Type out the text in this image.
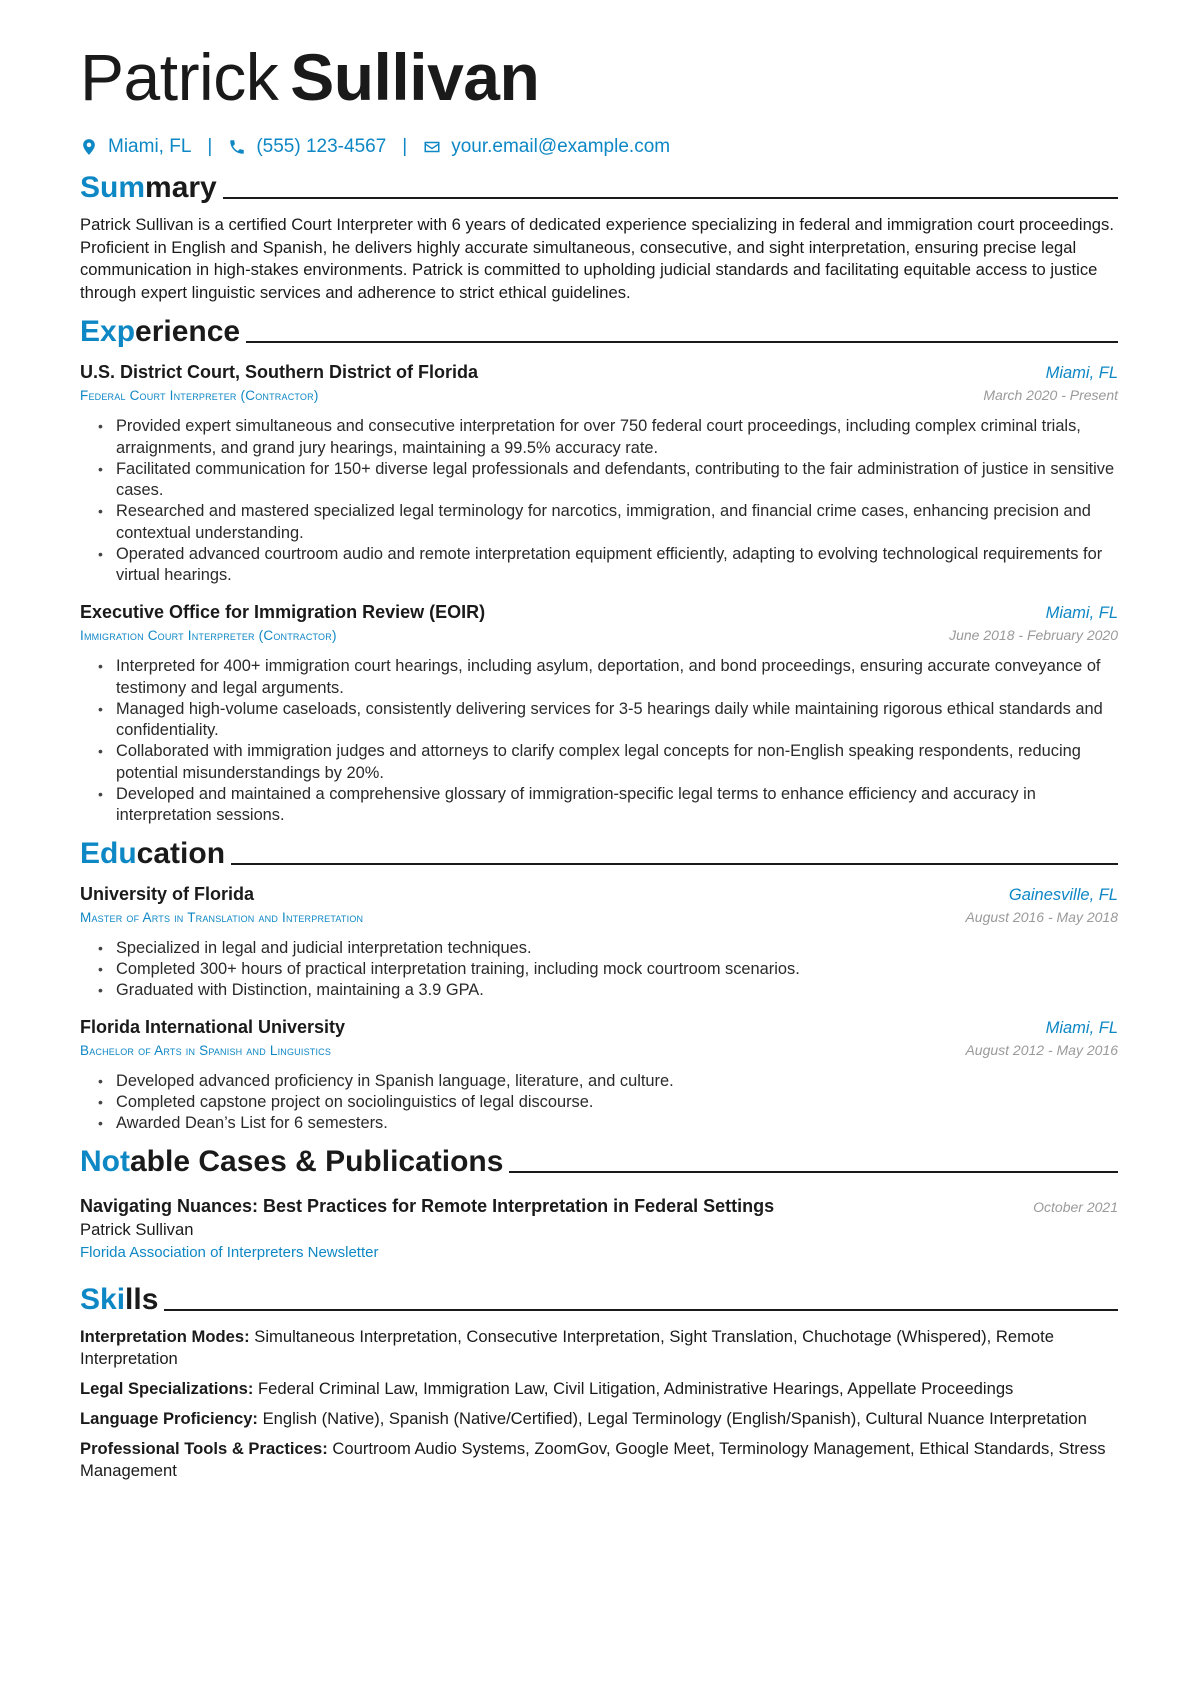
Patrick Sullivan
Miami, FL | (555) 123-4567 | your.email@example.com
Summary

Patrick Sullivan is a certified Court Interpreter with 6 years of dedicated experience specializing in federal and immigration court proceedings. Proficient in English and Spanish, he delivers highly accurate simultaneous, consecutive, and sight interpretation, ensuring precise legal communication in high-stakes environments. Patrick is committed to upholding judicial standards and facilitating equitable access to justice through expert linguistic services and adherence to strict ethical guidelines.

Experience
U.S. District Court, Southern District of Florida	Miami, FL
Federal Court Interpreter (Contractor)	March 2020 - Present
• Provided expert simultaneous and consecutive interpretation for over 750 federal court proceedings, including complex criminal trials, arraignments, and grand jury hearings, maintaining a 99.5% accuracy rate.
• Facilitated communication for 150+ diverse legal professionals and defendants, contributing to the fair administration of justice in sensitive cases.
• Researched and mastered specialized legal terminology for narcotics, immigration, and financial crime cases, enhancing precision and contextual understanding.
• Operated advanced courtroom audio and remote interpretation equipment efficiently, adapting to evolving technological requirements for virtual hearings.
Executive Office for Immigration Review (EOIR)	Miami, FL
Immigration Court Interpreter (Contractor)	June 2018 - February 2020
• Interpreted for 400+ immigration court hearings, including asylum, deportation, and bond proceedings, ensuring accurate conveyance of testimony and legal arguments.
• Managed high-volume caseloads, consistently delivering services for 3-5 hearings daily while maintaining rigorous ethical standards and confidentiality.
• Collaborated with immigration judges and attorneys to clarify complex legal concepts for non-English speaking respondents, reducing potential misunderstandings by 20%.
• Developed and maintained a comprehensive glossary of immigration-specific legal terms to enhance efficiency and accuracy in interpretation sessions.
Education
University of Florida	Gainesville, FL
Master of Arts in Translation and Interpretation	August 2016 - May 2018
• Specialized in legal and judicial interpretation techniques.
• Completed 300+ hours of practical interpretation training, including mock courtroom scenarios.
• Graduated with Distinction, maintaining a 3.9 GPA.
Florida International University	Miami, FL
Bachelor of Arts in Spanish and Linguistics	August 2012 - May 2016
• Developed advanced proficiency in Spanish language, literature, and culture.
• Completed capstone project on sociolinguistics of legal discourse.
• Awarded Dean’s List for 6 semesters.
Notable Cases & Publications
Navigating Nuances: Best Practices for Remote Interpretation in Federal Settings	October 2021
Patrick Sullivan
Florida Association of Interpreters Newsletter
Skills
Interpretation Modes: Simultaneous Interpretation, Consecutive Interpretation, Sight Translation, Chuchotage (Whispered), Remote Interpretation
Legal Specializations: Federal Criminal Law, Immigration Law, Civil Litigation, Administrative Hearings, Appellate Proceedings
Language Proficiency: English (Native), Spanish (Native/Certified), Legal Terminology (English/Spanish), Cultural Nuance Interpretation
Professional Tools & Practices: Courtroom Audio Systems, ZoomGov, Google Meet, Terminology Management, Ethical Standards, Stress Management
